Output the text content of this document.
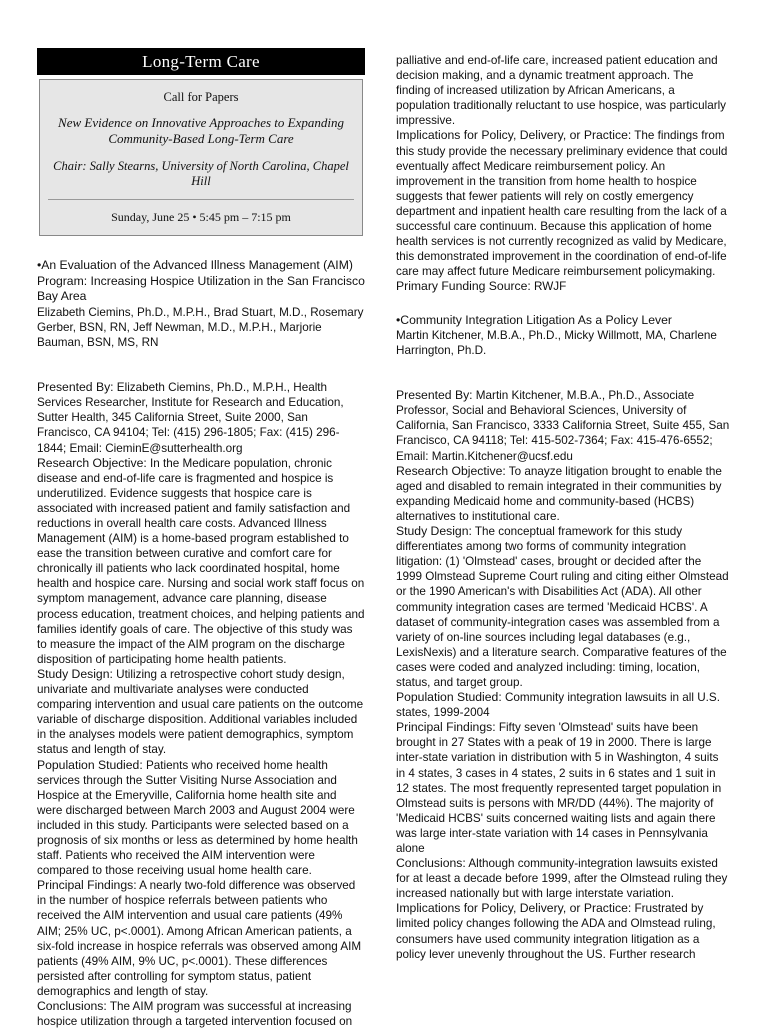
Long-Term Care
Call for Papers
New Evidence on Innovative Approaches to Expanding Community-Based Long-Term Care
Chair: Sally Stearns, University of North Carolina, Chapel Hill
Sunday, June 25 • 5:45 pm – 7:15 pm
•An Evaluation of the Advanced Illness Management (AIM) Program: Increasing Hospice Utilization in the San Francisco Bay Area
Elizabeth Ciemins, Ph.D., M.P.H., Brad Stuart, M.D., Rosemary Gerber, BSN, RN, Jeff Newman, M.D., M.P.H., Marjorie Bauman, BSN, MS, RN

Presented By: Elizabeth Ciemins, Ph.D., M.P.H., Health Services Researcher, Institute for Research and Education, Sutter Health, 345 California Street, Suite 2000, San Francisco, CA 94104; Tel: (415) 296-1805; Fax: (415) 296-1844; Email: CieminE@sutterhealth.org

Research Objective: In the Medicare population, chronic disease and end-of-life care is fragmented and hospice is underutilized. Evidence suggests that hospice care is associated with increased patient and family satisfaction and reductions in overall health care costs. Advanced Illness Management (AIM) is a home-based program established to ease the transition between curative and comfort care for chronically ill patients who lack coordinated hospital, home health and hospice care. Nursing and social work staff focus on symptom management, advance care planning, disease process education, treatment choices, and helping patients and families identify goals of care. The objective of this study was to measure the impact of the AIM program on the discharge disposition of participating home health patients.

Study Design: Utilizing a retrospective cohort study design, univariate and multivariate analyses were conducted comparing intervention and usual care patients on the outcome variable of discharge disposition. Additional variables included in the analyses models were patient demographics, symptom status and length of stay.

Population Studied: Patients who received home health services through the Sutter Visiting Nurse Association and Hospice at the Emeryville, California home health site and were discharged between March 2003 and August 2004 were included in this study. Participants were selected based on a prognosis of six months or less as determined by home health staff. Patients who received the AIM intervention were compared to those receiving usual home health care.

Principal Findings: A nearly two-fold difference was observed in the number of hospice referrals between patients who received the AIM intervention and usual care patients (49% AIM; 25% UC, p<.0001). Among African American patients, a six-fold increase in hospice referrals was observed among AIM patients (49% AIM, 9% UC, p<.0001). These differences persisted after controlling for symptom status, patient demographics and length of stay.

Conclusions: The AIM program was successful at increasing hospice utilization through a targeted intervention focused on

palliative and end-of-life care, increased patient education and decision making, and a dynamic treatment approach. The finding of increased utilization by African Americans, a population traditionally reluctant to use hospice, was particularly impressive.

Implications for Policy, Delivery, or Practice: The findings from this study provide the necessary preliminary evidence that could eventually affect Medicare reimbursement policy. An improvement in the transition from home health to hospice suggests that fewer patients will rely on costly emergency department and inpatient health care resulting from the lack of a successful care continuum. Because this application of home health services is not currently recognized as valid by Medicare, this demonstrated improvement in the coordination of end-of-life care may affect future Medicare reimbursement policymaking.

Primary Funding Source: RWJF

•Community Integration Litigation As a Policy Lever
Martin Kitchener, M.B.A., Ph.D., Micky Willmott, MA, Charlene Harrington, Ph.D.

Presented By: Martin Kitchener, M.B.A., Ph.D., Associate Professor, Social and Behavioral Sciences, University of California, San Francisco, 3333 California Street, Suite 455, San Francisco, CA 94118; Tel: 415-502-7364; Fax: 415-476-6552; Email: Martin.Kitchener@ucsf.edu

Research Objective: To anayze litigation brought to enable the aged and disabled to remain integrated in their communities by expanding Medicaid home and community-based (HCBS) alternatives to institutional care.

Study Design: The conceptual framework for this study differentiates among two forms of community integration litigation: (1) 'Olmstead' cases, brought or decided after the 1999 Olmstead Supreme Court ruling and citing either Olmstead or the 1990 American's with Disabilities Act (ADA). All other community integration cases are termed 'Medicaid HCBS'. A dataset of community-integration cases was assembled from a variety of on-line sources including legal databases (e.g., LexisNexis) and a literature search. Comparative features of the cases were coded and analyzed including: timing, location, status, and target group.

Population Studied: Community integration lawsuits in all U.S. states, 1999-2004

Principal Findings: Fifty seven 'Olmstead' suits have been brought in 27 States with a peak of 19 in 2000. There is large inter-state variation in distribution with 5 in Washington, 4 suits in 4 states, 3 cases in 4 states, 2 suits in 6 states and 1 suit in 12 states. The most frequently represented target population in Olmstead suits is persons with MR/DD (44%). The majority of 'Medicaid HCBS' suits concerned waiting lists and again there was large inter-state variation with 14 cases in Pennsylvania alone

Conclusions: Although community-integration lawsuits existed for at least a decade before 1999, after the Olmstead ruling they increased nationally but with large interstate variation.

Implications for Policy, Delivery, or Practice: Frustrated by limited policy changes following the ADA and Olmstead ruling, consumers have used community integration litigation as a policy lever unevenly throughout the US. Further research
